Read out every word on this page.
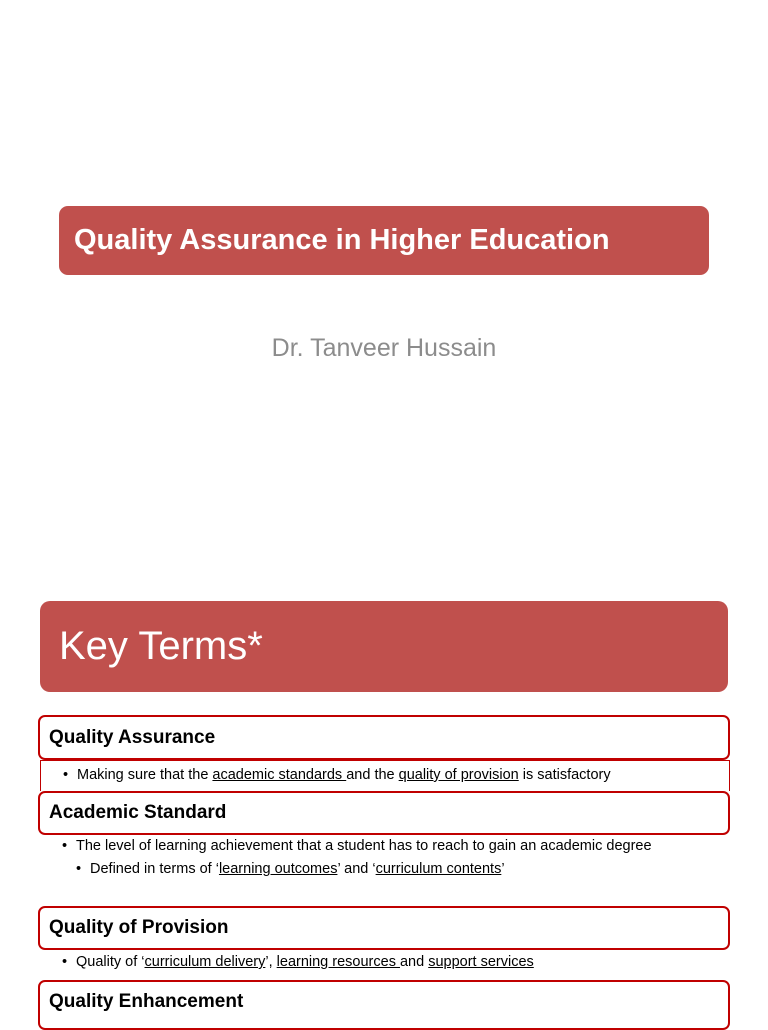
Quality Assurance in Higher Education
Dr. Tanveer Hussain
Key Terms*
Quality Assurance
• Making sure that the academic standards and the quality of provision is satisfactory
Academic Standard
• The level of learning achievement that a student has to reach to gain an academic degree
• Defined in terms of ‘learning outcomes’ and ‘curriculum contents’
Quality of Provision
• Quality of ‘curriculum delivery’, learning resources and support services
Quality Enhancement
